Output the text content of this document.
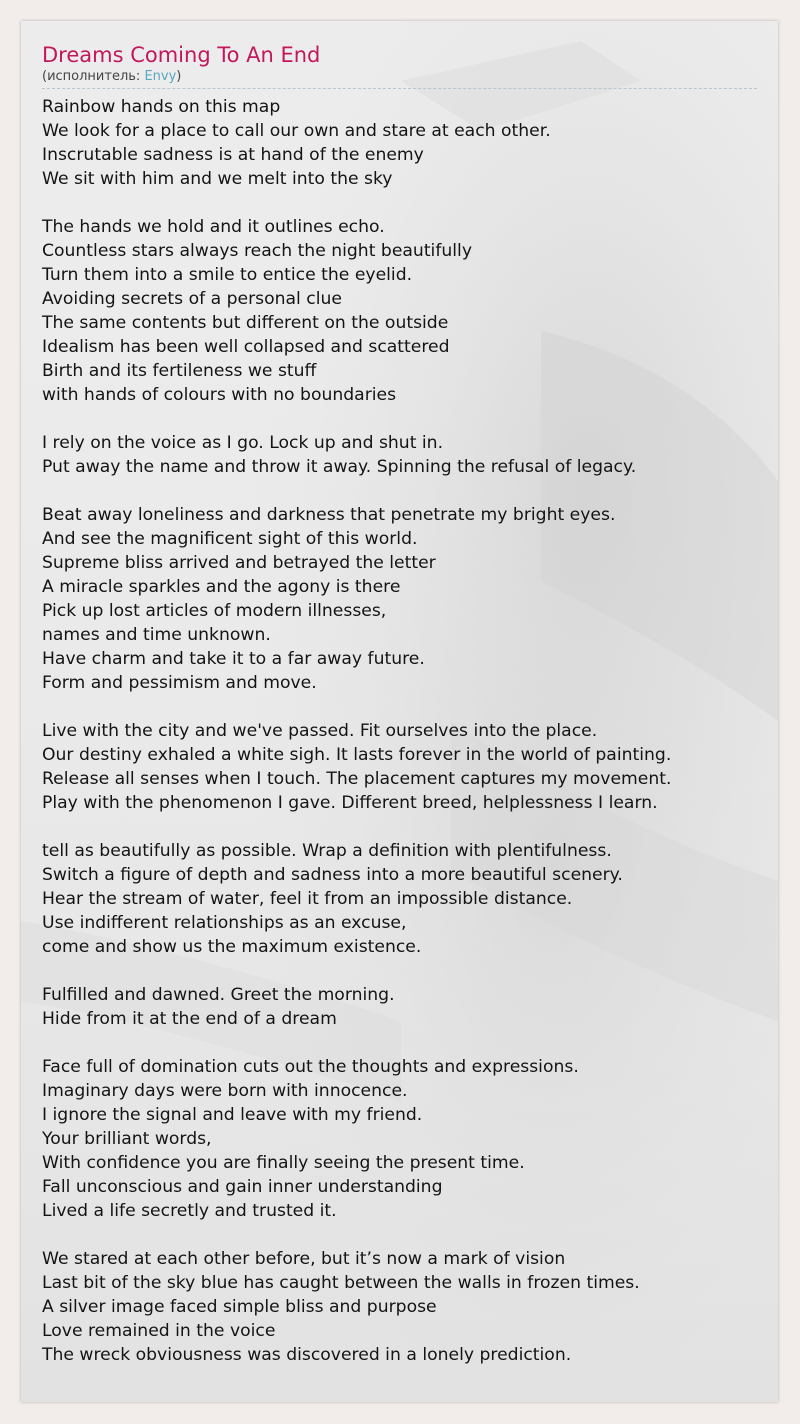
Dreams Coming To An End
(исполнитель: Envy)
Rainbow hands on this map
We look for a place to call our own and stare at each other.
Inscrutable sadness is at hand of the enemy
We sit with him and we melt into the sky
The hands we hold and it outlines echo.
Countless stars always reach the night beautifully
Turn them into a smile to entice the eyelid.
Avoiding secrets of a personal clue
The same contents but different on the outside
Idealism has been well collapsed and scattered
Birth and its fertileness we stuff
with hands of colours with no boundaries
I rely on the voice as I go. Lock up and shut in.
Put away the name and throw it away. Spinning the refusal of legacy.
Beat away loneliness and darkness that penetrate my bright eyes.
And see the magnificent sight of this world.
Supreme bliss arrived and betrayed the letter
A miracle sparkles and the agony is there
Pick up lost articles of modern illnesses,
names and time unknown.
Have charm and take it to a far away future.
Form and pessimism and move.
Live with the city and we've passed. Fit ourselves into the place.
Our destiny exhaled a white sigh. It lasts forever in the world of painting.
Release all senses when I touch. The placement captures my movement.
Play with the phenomenon I gave. Different breed, helplessness I learn.
tell as beautifully as possible. Wrap a definition with plentifulness.
Switch a figure of depth and sadness into a more beautiful scenery.
Hear the stream of water, feel it from an impossible distance.
Use indifferent relationships as an excuse,
come and show us the maximum existence.
Fulfilled and dawned. Greet the morning.
Hide from it at the end of a dream
Face full of domination cuts out the thoughts and expressions.
Imaginary days were born with innocence.
I ignore the signal and leave with my friend.
Your brilliant words,
With confidence you are finally seeing the present time.
Fall unconscious and gain inner understanding
Lived a life secretly and trusted it.
We stared at each other before, but it’s now a mark of vision
Last bit of the sky blue has caught between the walls in frozen times.
A silver image faced simple bliss and purpose
Love remained in the voice
The wreck obviousness was discovered in a lonely prediction.
